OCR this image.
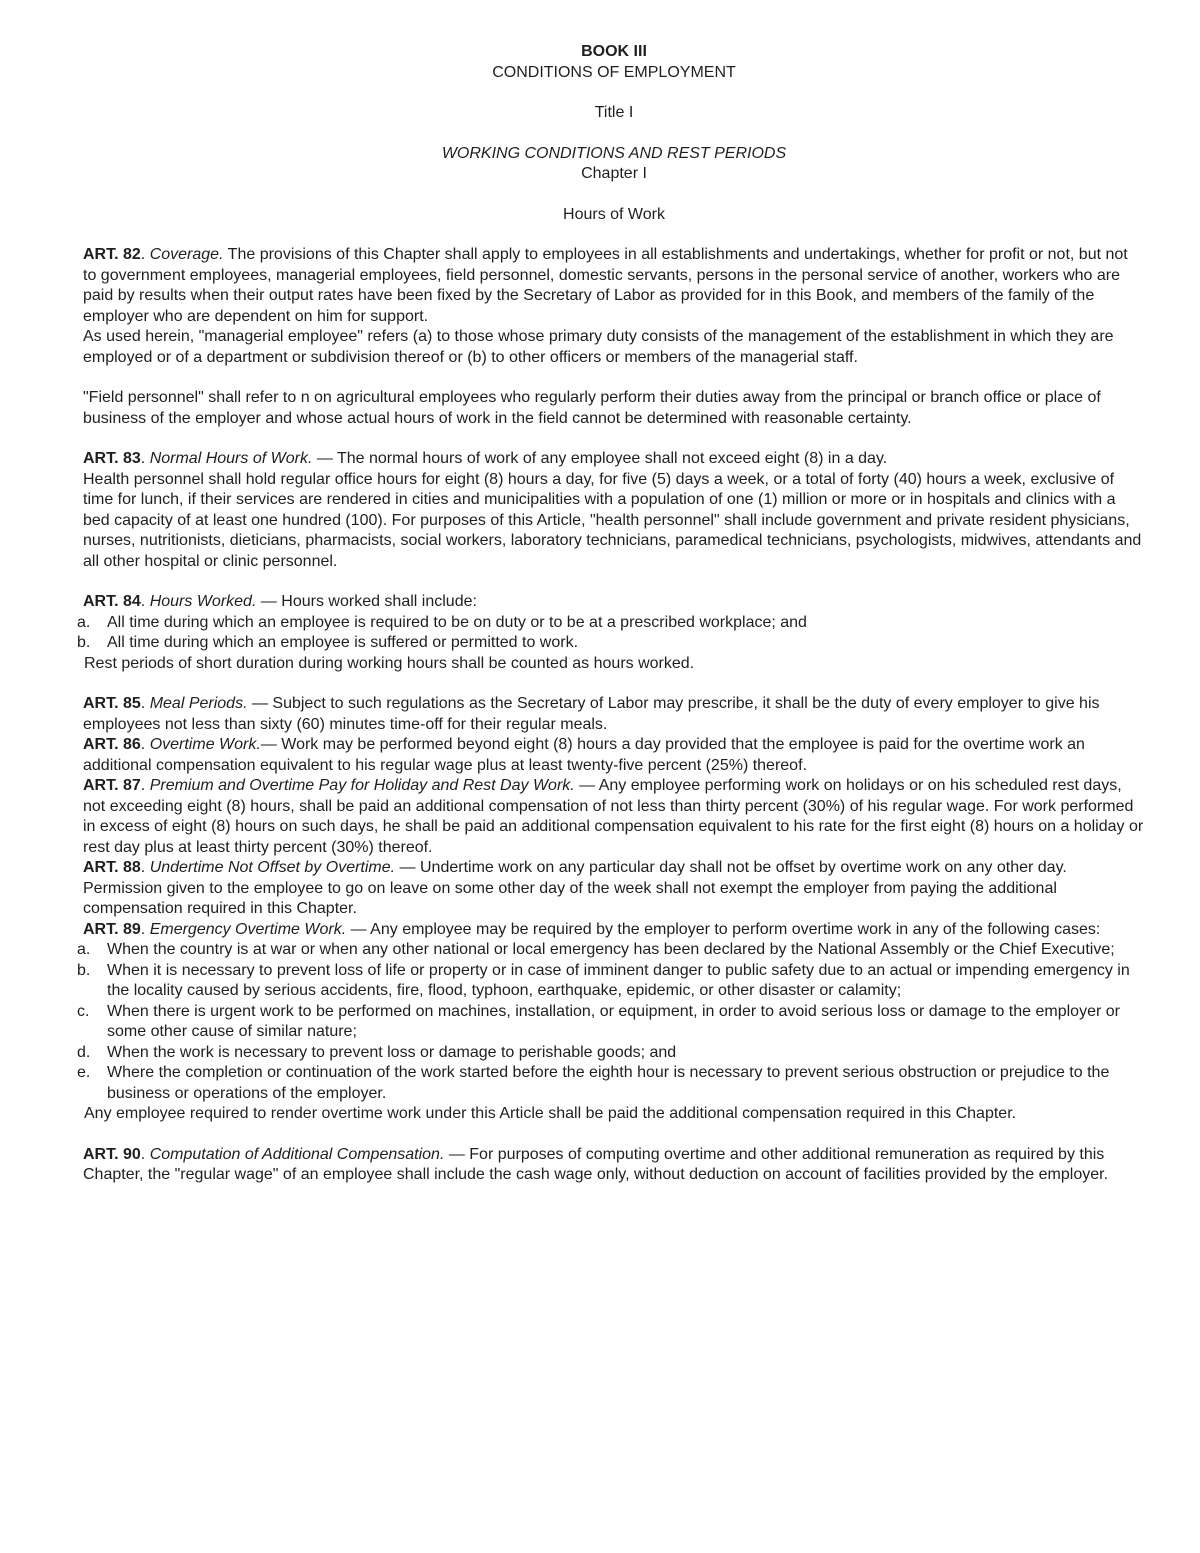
BOOK III
CONDITIONS OF EMPLOYMENT
Title I
WORKING CONDITIONS AND REST PERIODS
Chapter I
Hours of Work

ART. 82. Coverage. The provisions of this Chapter shall apply to employees in all establishments and undertakings, whether for profit or not, but not to government employees, managerial employees, field personnel, domestic servants, persons in the personal service of another, workers who are paid by results when their output rates have been fixed by the Secretary of Labor as provided for in this Book, and members of the family of the employer who are dependent on him for support.

As used herein, "managerial employee" refers (a) to those whose primary duty consists of the management of the establishment in which they are employed or of a department or subdivision thereof or (b) to other officers or members of the managerial staff.

"Field personnel" shall refer to n on agricultural employees who regularly perform their duties away from the principal or branch office or place of business of the employer and whose actual hours of work in the field cannot be determined with reasonable certainty.

ART. 83. Normal Hours of Work. — The normal hours of work of any employee shall not exceed eight (8) in a day.

Health personnel shall hold regular office hours for eight (8) hours a day, for five (5) days a week, or a total of forty (40) hours a week, exclusive of time for lunch, if their services are rendered in cities and municipalities with a population of one (1) million or more or in hospitals and clinics with a bed capacity of at least one hundred (100). For purposes of this Article, "health personnel" shall include government and private resident physicians, nurses, nutritionists, dieticians, pharmacists, social workers, laboratory technicians, paramedical technicians, psychologists, midwives, attendants and all other hospital or clinic personnel.

ART. 84. Hours Worked. — Hours worked shall include:

a. All time during which an employee is required to be on duty or to be at a prescribed workplace; and
b. All time during which an employee is suffered or permitted to work.

Rest periods of short duration during working hours shall be counted as hours worked.

ART. 85. Meal Periods. — Subject to such regulations as the Secretary of Labor may prescribe, it shall be the duty of every employer to give his employees not less than sixty (60) minutes time-off for their regular meals.

ART. 86. Overtime Work.— Work may be performed beyond eight (8) hours a day provided that the employee is paid for the overtime work an additional compensation equivalent to his regular wage plus at least twenty-five percent (25%) thereof.

ART. 87. Premium and Overtime Pay for Holiday and Rest Day Work. — Any employee performing work on holidays or on his scheduled rest days, not exceeding eight (8) hours, shall be paid an additional compensation of not less than thirty percent (30%) of his regular wage. For work performed in excess of eight (8) hours on such days, he shall be paid an additional compensation equivalent to his rate for the first eight (8) hours on a holiday or rest day plus at least thirty percent (30%) thereof.

ART. 88. Undertime Not Offset by Overtime. — Undertime work on any particular day shall not be offset by overtime work on any other day. Permission given to the employee to go on leave on some other day of the week shall not exempt the employer from paying the additional compensation required in this Chapter.

ART. 89. Emergency Overtime Work. — Any employee may be required by the employer to perform overtime work in any of the following cases:

a. When the country is at war or when any other national or local emergency has been declared by the National Assembly or the Chief Executive;
b. When it is necessary to prevent loss of life or property or in case of imminent danger to public safety due to an actual or impending emergency in the locality caused by serious accidents, fire, flood, typhoon, earthquake, epidemic, or other disaster or calamity;
c. When there is urgent work to be performed on machines, installation, or equipment, in order to avoid serious loss or damage to the employer or some other cause of similar nature;
d. When the work is necessary to prevent loss or damage to perishable goods; and
e. Where the completion or continuation of the work started before the eighth hour is necessary to prevent serious obstruction or prejudice to the business or operations of the employer.

Any employee required to render overtime work under this Article shall be paid the additional compensation required in this Chapter.

ART. 90. Computation of Additional Compensation. — For purposes of computing overtime and other additional remuneration as required by this Chapter, the "regular wage" of an employee shall include the cash wage only, without deduction on account of facilities provided by the employer.
